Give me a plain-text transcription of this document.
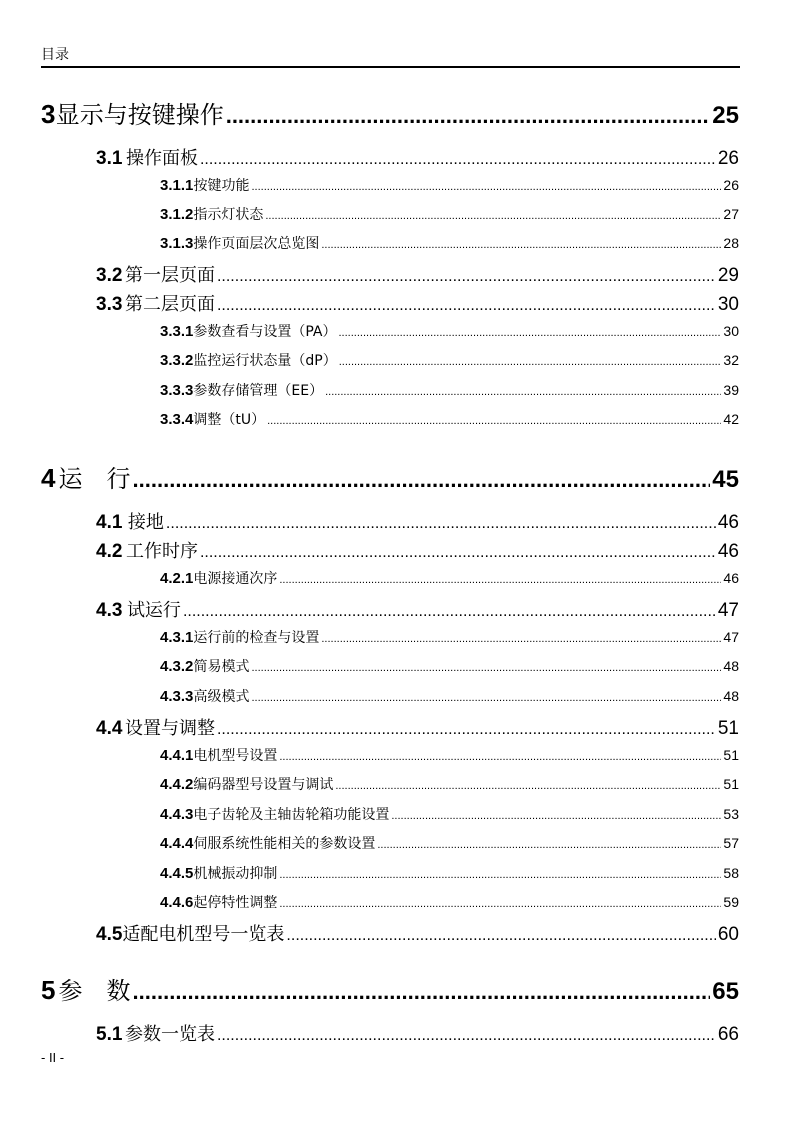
目录
3 显示与按键操作 .....	25
3.1 操作面板 .....	26
3.1.1 按键功能 .....	26
3.1.2 指示灯状态 .....	27
3.1.3 操作页面层次总览图 .....	28
3.2 第一层页面 .....	29
3.3 第二层页面 .....	30
3.3.1 参数查看与设置（PA） .....	30
3.3.2 监控运行状态量（dP） .....	32
3.3.3 参数存储管理（EE） .....	39
3.3.4 调整（tU） .....	42
4 运　行 .....	45
4.1 接地 .....	46
4.2 工作时序 .....	46
4.2.1 电源接通次序 .....	46
4.3 试运行 .....	47
4.3.1 运行前的检查与设置 .....	47
4.3.2 简易模式 .....	48
4.3.3 高级模式 .....	48
4.4 设置与调整 .....	51
4.4.1 电机型号设置 .....	51
4.4.2 编码器型号设置与调试 .....	51
4.4.3 电子齿轮及主轴齿轮箱功能设置 .....	53
4.4.4 伺服系统性能相关的参数设置 .....	57
4.4.5 机械振动抑制 .....	58
4.4.6 起停特性调整 .....	59
4.5 适配电机型号一览表 .....	60
5 参　数 .....	65
5.1 参数一览表 .....	66
- II -
